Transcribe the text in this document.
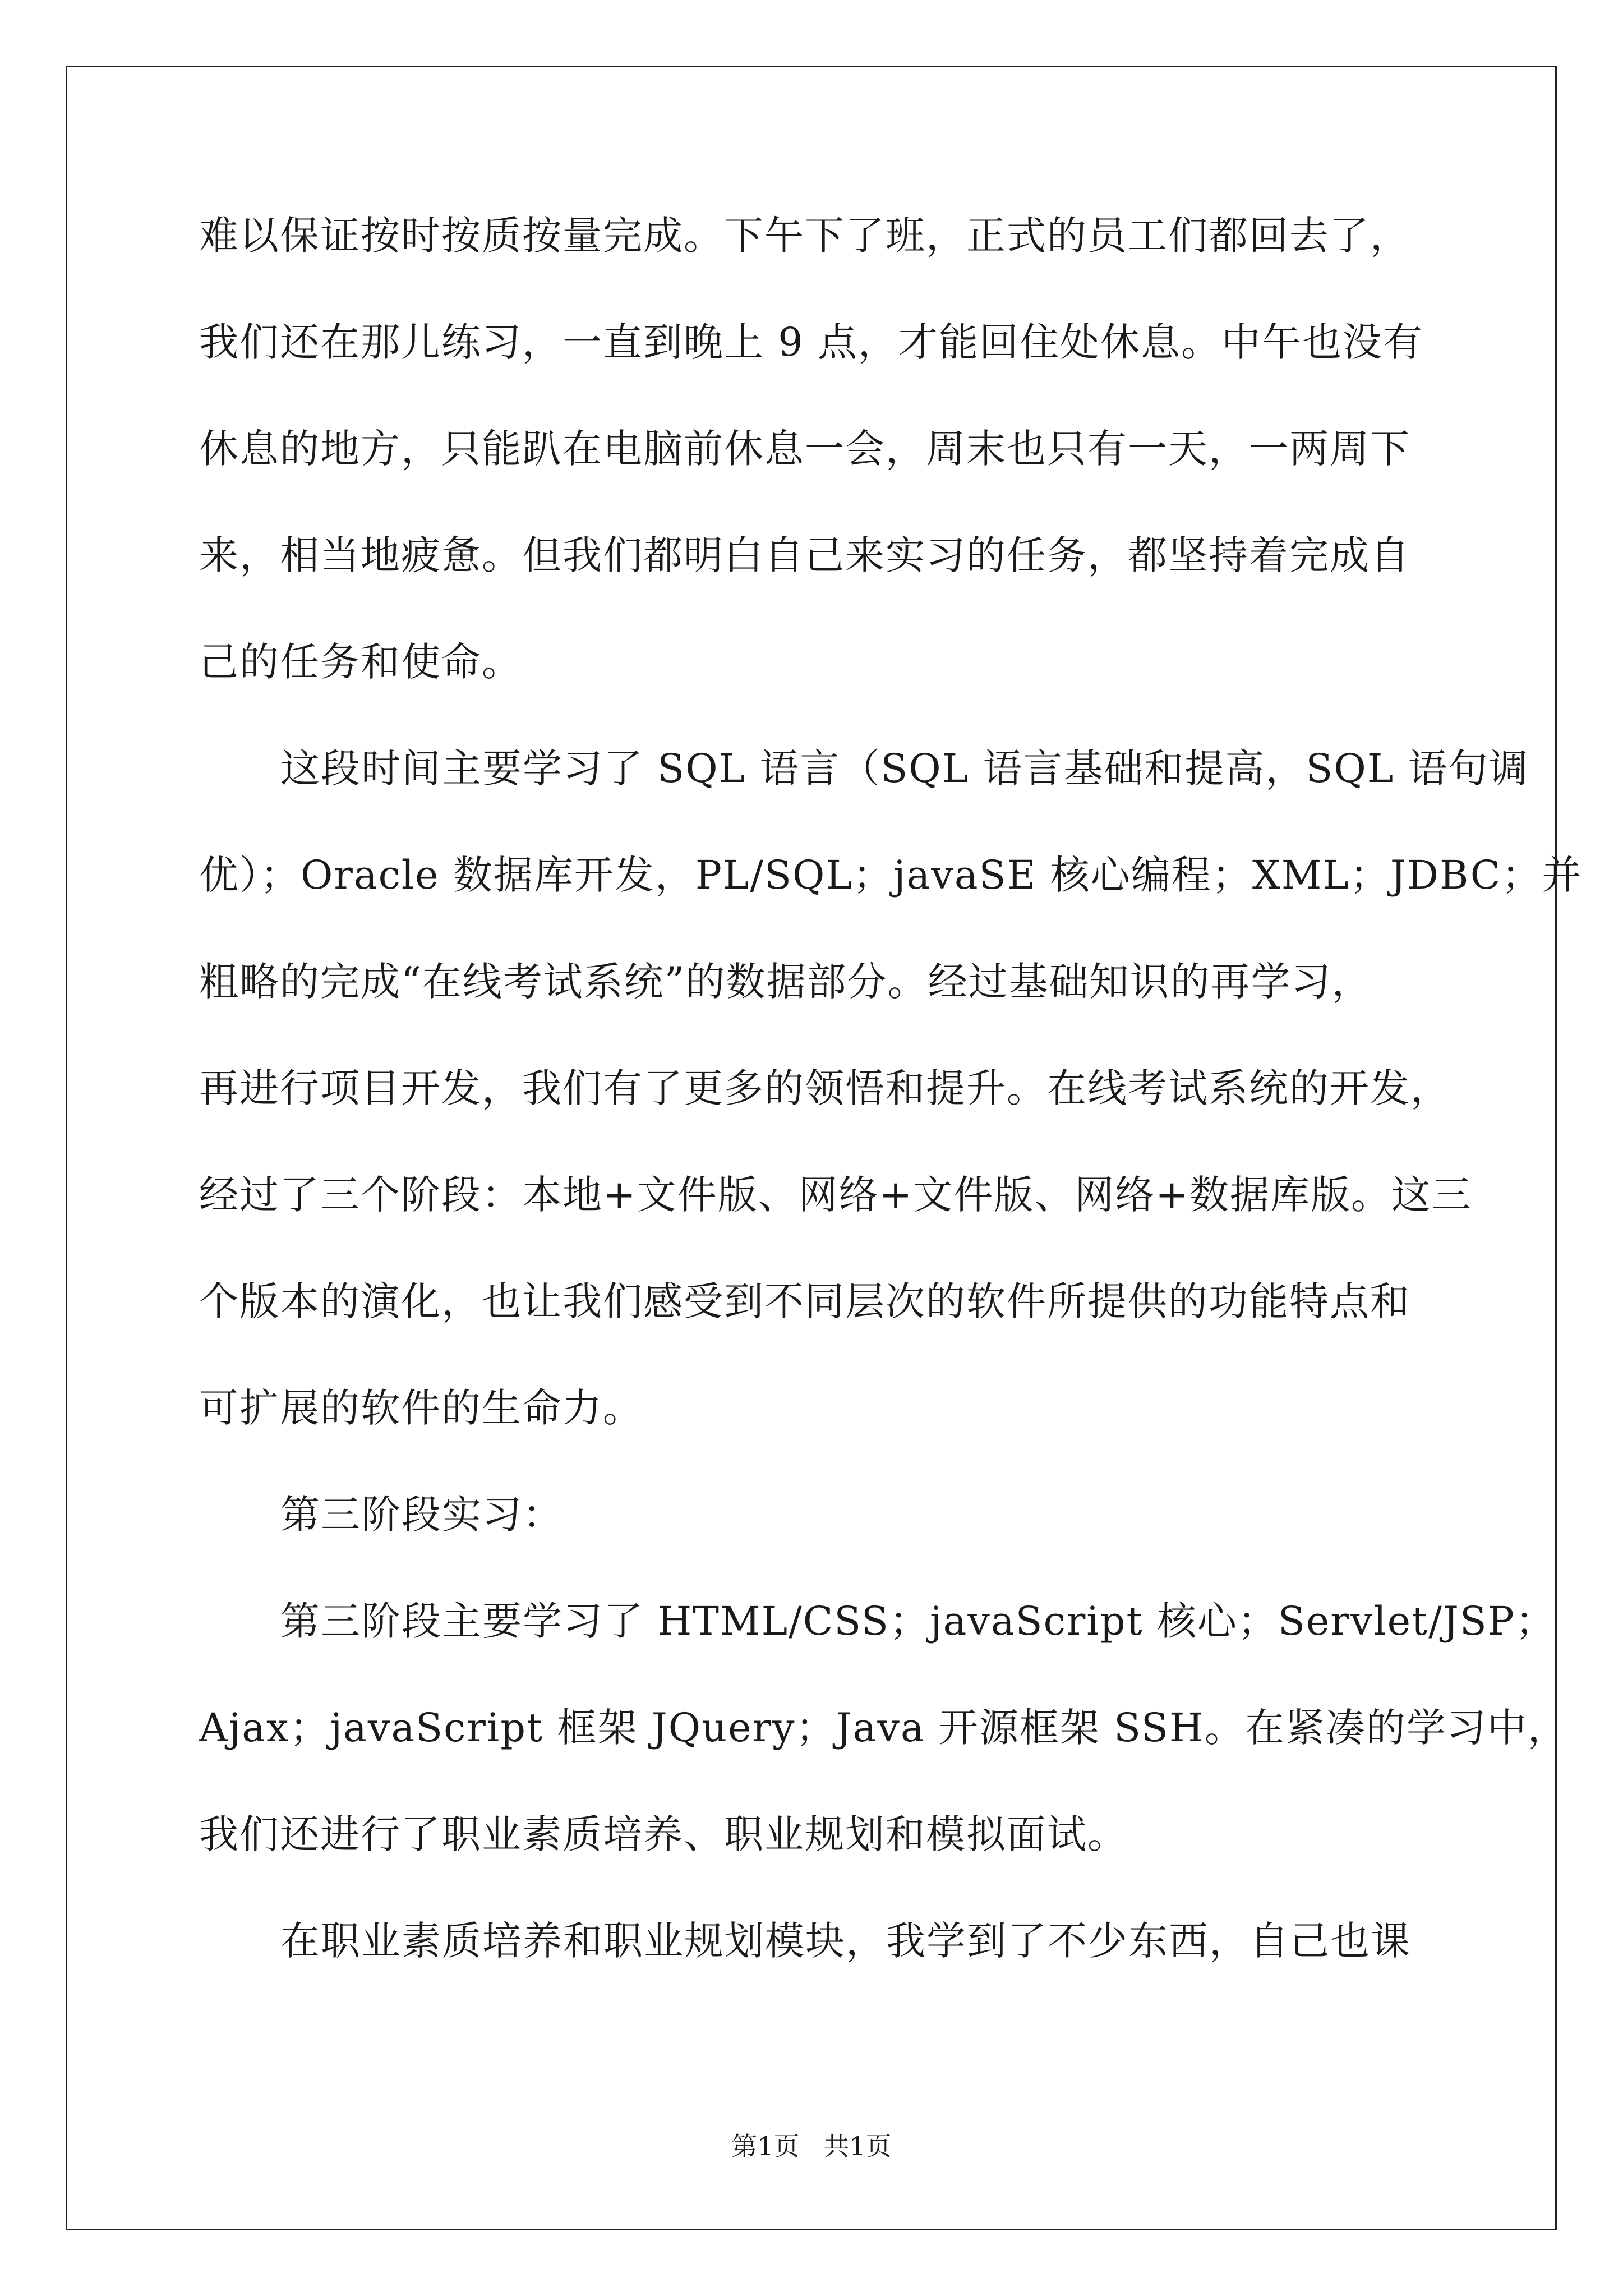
难以保证按时按质按量完成。下午下了班，正式的员工们都回去了，
我们还在那儿练习，一直到晚上 9 点，才能回住处休息。中午也没有
休息的地方，只能趴在电脑前休息一会，周末也只有一天，一两周下
来，相当地疲惫。但我们都明白自己来实习的任务，都坚持着完成自
己的任务和使命。
这段时间主要学习了 SQL 语言（SQL 语言基础和提高，SQL 语句调
优）；Oracle 数据库开发，PL/SQL；javaSE 核心编程；XML；JDBC；并
粗略的完成“在线考试系统”的数据部分。经过基础知识的再学习，
再进行项目开发，我们有了更多的领悟和提升。在线考试系统的开发，
经过了三个阶段：本地+文件版、网络+文件版、网络+数据库版。这三
个版本的演化，也让我们感受到不同层次的软件所提供的功能特点和
可扩展的软件的生命力。
第三阶段实习：
第三阶段主要学习了 HTML/CSS；javaScript 核心；Servlet/JSP；
Ajax；javaScript 框架 JQuery；Java 开源框架 SSH。在紧凑的学习中，
我们还进行了职业素质培养、职业规划和模拟面试。
在职业素质培养和职业规划模块，我学到了不少东西，自己也课
第1页 共1页
